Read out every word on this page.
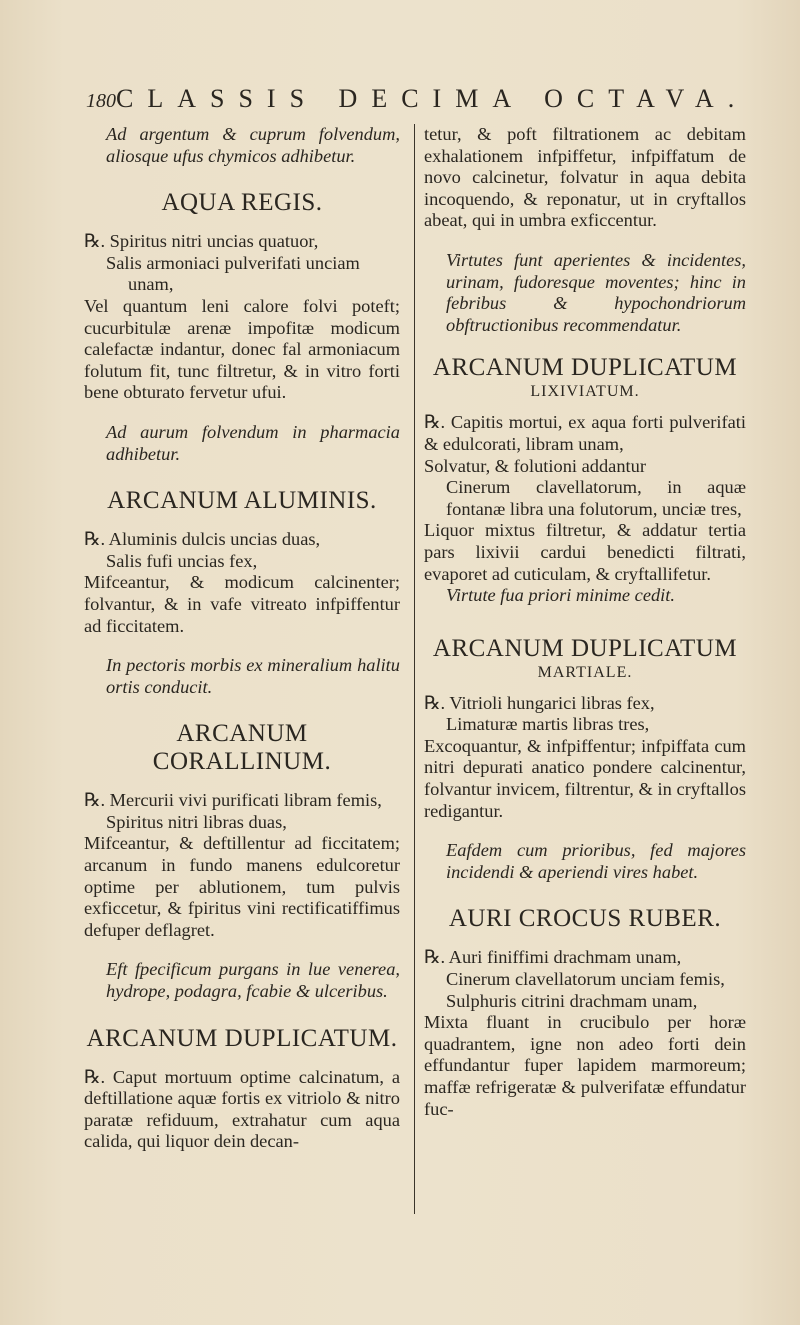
180 CLASSIS DECIMA OCTAVA.

Ad argentum & cuprum folvendum, aliosque ufus chymicos adhibetur.

AQUA REGIS.

℞. Spiritus nitri uncias quatuor,

Salis armoniaci pulverifati unciam unam,

Vel quantum leni calore folvi poteft; cucurbitulæ arenæ impofitæ modicum calefactæ indantur, donec fal armoniacum folutum fit, tunc filtretur, & in vitro forti bene obturato fervetur ufui.

Ad aurum folvendum in pharmacia adhibetur.

ARCANUM ALUMINIS.

℞. Aluminis dulcis uncias duas,

Salis fufi uncias fex,

Mifceantur, & modicum calcinenter; folvantur, & in vafe vitreato infpiffentur ad ficcitatem.

In pectoris morbis ex mineralium halitu ortis conducit.

ARCANUM CORALLINUM.

℞. Mercurii vivi purificati libram femis,

Spiritus nitri libras duas,

Mifceantur, & deftillentur ad ficcitatem; arcanum in fundo manens edulcoretur optime per ablutionem, tum pulvis exficcetur, & fpiritus vini rectificatiffimus defuper deflagret.

Eft fpecificum purgans in lue venerea, hydrope, podagra, fcabie & ulceribus.

ARCANUM DUPLICATUM.

℞. Caput mortuum optime calcinatum, a deftillatione aquæ fortis ex vitriolo & nitro paratæ refiduum, extrahatur cum aqua calida, qui liquor dein decan-

tetur, & poft filtrationem ac debitam exhalationem infpiffetur, infpiffatum de novo calcinetur, folvatur in aqua debita incoquendo, & reponatur, ut in cryftallos abeat, qui in umbra exficcentur.

Virtutes funt aperientes & incidentes, urinam, fudoresque moventes; hinc in febribus & hypochondriorum obftructionibus recommendatur.

ARCANUM DUPLICATUM

LIXIVIATUM.

℞. Capitis mortui, ex aqua forti pulverifati & edulcorati, libram unam,

Solvatur, & folutioni addantur

Cinerum clavellatorum, in aquæ fontanæ libra una folutorum, unciæ tres,

Liquor mixtus filtretur, & addatur tertia pars lixivii cardui benedicti filtrati, evaporet ad cuticulam, & cryftallifetur.

Virtute fua priori minime cedit.

ARCANUM DUPLICATUM

MARTIALE.

℞. Vitrioli hungarici libras fex,

Limaturæ martis libras tres,

Excoquantur, & infpiffentur; infpiffata cum nitri depurati anatico pondere calcinentur, folvantur invicem, filtrentur, & in cryftallos redigantur.

Eafdem cum prioribus, fed majores incidendi & aperiendi vires habet.

AURI CROCUS RUBER.

℞. Auri finiffimi drachmam unam,

Cinerum clavellatorum unciam femis,

Sulphuris citrini drachmam unam,

Mixta fluant in crucibulo per horæ quadrantem, igne non adeo forti dein effundantur fuper lapidem marmoreum; maffæ refrigeratæ & pulverifatæ effundatur fuc-
